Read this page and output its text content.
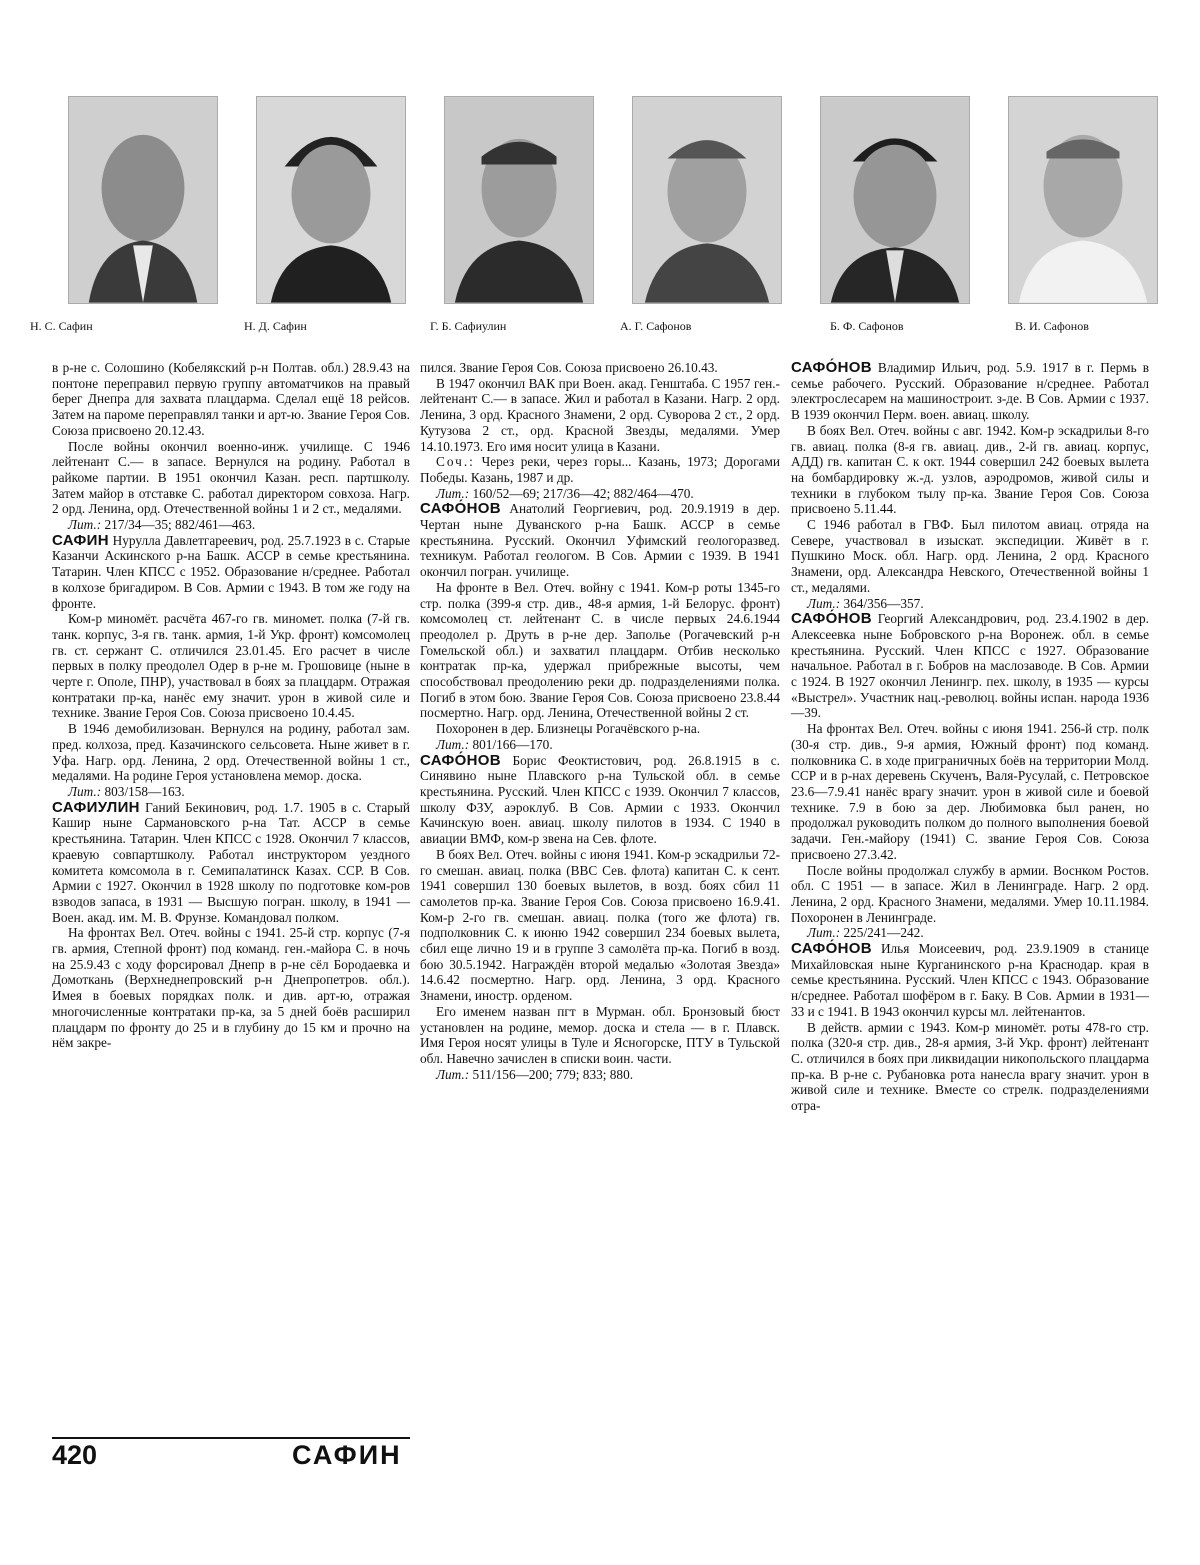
Н. С. Сафин	Н. Д. Сафин	Г. Б. Сафиулин	А. Г. Сафонов	Б. Ф. Сафонов	В. И. Сафонов

в р-не с. Солошино (Кобелякский р-н Полтав. обл.) 28.9.43 на понтоне переправил первую группу автоматчиков на правый берег Днепра для захвата плацдарма. Сделал ещё 18 рейсов. Затем на пароме переправлял танки и арт-ю. Звание Героя Сов. Союза присвоено 20.12.43.

После войны окончил военно-инж. училище. С 1946 лейтенант С.— в запасе. Вернулся на родину. Работал в райкоме партии. В 1951 окончил Казан. респ. партшколу. Затем майор в отставке С. работал директором совхоза. Нагр. 2 орд. Ленина, орд. Отечественной войны 1 и 2 ст., медалями.

Лит.: 217/34—35; 882/461—463.

САФИН Нурулла Давлетгареевич, род. 25.7.1923 в с. Старые Казанчи Аскинского р-на Башк. АССР в семье крестьянина. Татарин. Член КПСС с 1952. Образование н/среднее. Работал в колхозе бригадиром. В Сов. Армии с 1943. В том же году на фронте.

Ком-р миномёт. расчёта 467-го гв. миномет. полка (7-й гв. танк. корпус, 3-я гв. танк. армия, 1-й Укр. фронт) комсомолец гв. ст. сержант С. отличился 23.01.45. Его расчет в числе первых в полку преодолел Одер в р-не м. Грошовице (ныне в черте г. Ополе, ПНР), участвовал в боях за плацдарм. Отражая контратаки пр-ка, нанёс ему значит. урон в живой силе и технике. Звание Героя Сов. Союза присвоено 10.4.45.

В 1946 демобилизован. Вернулся на родину, работал зам. пред. колхоза, пред. Казачинского сельсовета. Ныне живет в г. Уфа. Нагр. орд. Ленина, 2 орд. Отечественной войны 1 ст., медалями. На родине Героя установлена мемор. доска.

Лит.: 803/158—163.

САФИУЛИН Ганий Бекинович, род. 1.7. 1905 в с. Старый Кашир ныне Сармановского р-на Тат. АССР в семье крестьянина. Татарин. Член КПСС с 1928. Окончил 7 классов, краевую совпартшколу. Работал инструктором уездного комитета комсомола в г. Семипалатинск Казах. ССР. В Сов. Армии с 1927. Окончил в 1928 школу по подготовке ком-ров взводов запаса, в 1931 — Высшую погран. школу, в 1941 — Воен. акад. им. М. В. Фрунзе. Командовал полком.

На фронтах Вел. Отеч. войны с 1941. 25-й стр. корпус (7-я гв. армия, Степной фронт) под команд. ген.-майора С. в ночь на 25.9.43 с ходу форсировал Днепр в р-не сёл Бородаевка и Домоткань (Верхнеднепровский р-н Днепропетров. обл.). Имея в боевых порядках полк. и див. арт-ю, отражая многочисленные контратаки пр-ка, за 5 дней боёв расширил плацдарм по фронту до 25 и в глубину до 15 км и прочно на нём закре-

пился. Звание Героя Сов. Союза присвоено 26.10.43.

В 1947 окончил ВАК при Воен. акад. Генштаба. С 1957 ген.-лейтенант С.— в запасе. Жил и работал в Казани. Нагр. 2 орд. Ленина, 3 орд. Красного Знамени, 2 орд. Суворова 2 ст., 2 орд. Кутузова 2 ст., орд. Красной Звезды, медалями. Умер 14.10.1973. Его имя носит улица в Казани.

Соч.: Через реки, через горы... Казань, 1973; Дорогами Победы. Казань, 1987 и др.

Лит.: 160/52—69; 217/36—42; 882/464—470.

САФО́НОВ Анатолий Георгиевич, род. 20.9.1919 в дер. Чертан ныне Дуванского р-на Башк. АССР в семье крестьянина. Русский. Окончил Уфимский геологоразвед. техникум. Работал геологом. В Сов. Армии с 1939. В 1941 окончил погран. училище.

На фронте в Вел. Отеч. войну с 1941. Ком-р роты 1345-го стр. полка (399-я стр. див., 48-я армия, 1-й Белорус. фронт) комсомолец ст. лейтенант С. в числе первых 24.6.1944 преодолел р. Друть в р-не дер. Заполье (Рогачевский р-н Гомельской обл.) и захватил плацдарм. Отбив несколько контратак пр-ка, удержал прибрежные высоты, чем способствовал преодолению реки др. подразделениями полка. Погиб в этом бою. Звание Героя Сов. Союза присвоено 23.8.44 посмертно. Нагр. орд. Ленина, Отечественной войны 2 ст.

Похоронен в дер. Близнецы Рогачёвского р-на.

Лит.: 801/166—170.

САФО́НОВ Борис Феоктистович, род. 26.8.1915 в с. Синявино ныне Плавского р-на Тульской обл. в семье крестьянина. Русский. Член КПСС с 1939. Окончил 7 классов, школу ФЗУ, аэроклуб. В Сов. Армии с 1933. Окончил Качинскую воен. авиац. школу пилотов в 1934. С 1940 в авиации ВМФ, ком-р звена на Сев. флоте.

В боях Вел. Отеч. войны с июня 1941. Ком-р эскадрильи 72-го смешан. авиац. полка (ВВС Сев. флота) капитан С. к сент. 1941 совершил 130 боевых вылетов, в возд. боях сбил 11 самолетов пр-ка. Звание Героя Сов. Союза присвоено 16.9.41. Ком-р 2-го гв. смешан. авиац. полка (того же флота) гв. подполковник С. к июню 1942 совершил 234 боевых вылета, сбил еще лично 19 и в группе 3 самолёта пр-ка. Погиб в возд. бою 30.5.1942. Награждён второй медалью «Золотая Звезда» 14.6.42 посмертно. Нагр. орд. Ленина, 3 орд. Красного Знамени, иностр. орденом.

Его именем назван пгт в Мурман. обл. Бронзовый бюст установлен на родине, мемор. доска и стела — в г. Плавск. Имя Героя носят улицы в Туле и Ясногорске, ПТУ в Тульской обл. Навечно зачислен в списки воин. части.

Лит.: 511/156—200; 779; 833; 880.

САФО́НОВ Владимир Ильич, род. 5.9. 1917 в г. Пермь в семье рабочего. Русский. Образование н/среднее. Работал электрослесарем на машиностроит. з-де. В Сов. Армии с 1937. В 1939 окончил Перм. воен. авиац. школу.

В боях Вел. Отеч. войны с авг. 1942. Ком-р эскадрильи 8-го гв. авиац. полка (8-я гв. авиац. див., 2-й гв. авиац. корпус, АДД) гв. капитан С. к окт. 1944 совершил 242 боевых вылета на бомбардировку ж.-д. узлов, аэродромов, живой силы и техники в глубоком тылу пр-ка. Звание Героя Сов. Союза присвоено 5.11.44.

С 1946 работал в ГВФ. Был пилотом авиац. отряда на Севере, участвовал в изыскат. экспедиции. Живёт в г. Пушкино Моск. обл. Нагр. орд. Ленина, 2 орд. Красного Знамени, орд. Александра Невского, Отечественной войны 1 ст., медалями.

Лит.: 364/356—357.

САФО́НОВ Георгий Александрович, род. 23.4.1902 в дер. Алексеевка ныне Бобровского р-на Воронеж. обл. в семье крестьянина. Русский. Член КПСС с 1927. Образование начальное. Работал в г. Бобров на маслозаводе. В Сов. Армии с 1924. В 1927 окончил Ленингр. пех. школу, в 1935 — курсы «Выстрел». Участник нац.-революц. войны испан. народа 1936—39.

На фронтах Вел. Отеч. войны с июня 1941. 256-й стр. полк (30-я стр. див., 9-я армия, Южный фронт) под команд. полковника С. в ходе приграничных боёв на территории Молд. ССР и в р-нах деревень Скученъ, Валя-Русулай, с. Петровское 23.6—7.9.41 нанёс врагу значит. урон в живой силе и боевой технике. 7.9 в бою за дер. Любимовка был ранен, но продолжал руководить полком до полного выполнения боевой задачи. Ген.-майору (1941) С. звание Героя Сов. Союза присвоено 27.3.42.

После войны продолжал службу в армии. Воснком Ростов. обл. С 1951 — в запасе. Жил в Ленинграде. Нагр. 2 орд. Ленина, 2 орд. Красного Знамени, медалями. Умер 10.11.1984. Похоронен в Ленинграде.

Лит.: 225/241—242.

САФО́НОВ Илья Моисеевич, род. 23.9.1909 в станице Михайловская ныне Курганинского р-на Краснодар. края в семье крестьянина. Русский. Член КПСС с 1943. Образование н/среднее. Работал шофёром в г. Баку. В Сов. Армии в 1931—33 и с 1941. В 1943 окончил курсы мл. лейтенантов.

В действ. армии с 1943. Ком-р миномёт. роты 478-го стр. полка (320-я стр. див., 28-я армия, 3-й Укр. фронт) лейтенант С. отличился в боях при ликвидации никопольского плацдарма пр-ка. В р-не с. Рубановка рота нанесла врагу значит. урон в живой силе и технике. Вместе со стрелк. подразделениями отра-

420	САФИН
